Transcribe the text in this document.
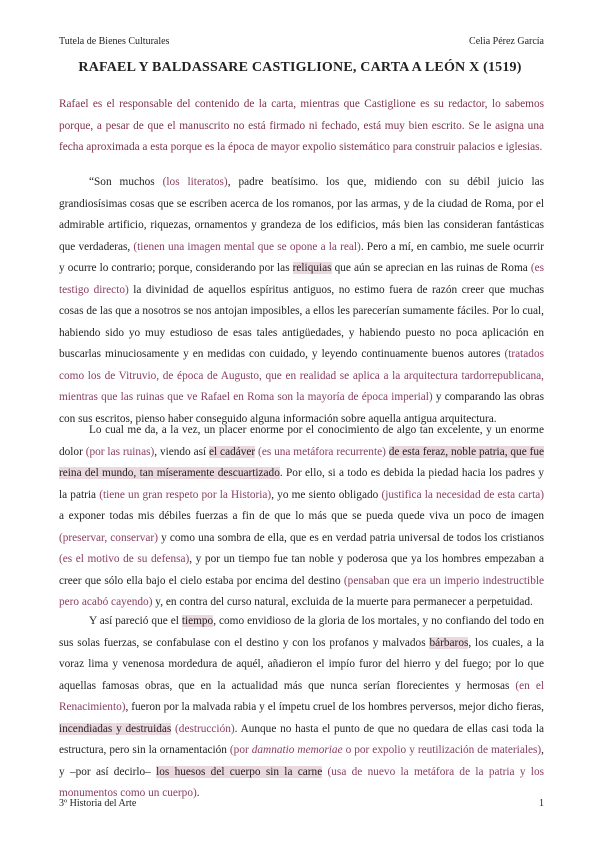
Tutela de Bienes Culturales	Celia Pérez García
RAFAEL Y BALDASSARE CASTIGLIONE, CARTA A LEÓN X (1519)
Rafael es el responsable del contenido de la carta, mientras que Castiglione es su redactor, lo sabemos porque, a pesar de que el manuscrito no está firmado ni fechado, está muy bien escrito. Se le asigna una fecha aproximada a esta porque es la época de mayor expolio sistemático para construir palacios e iglesias.
“Son muchos (los literatos), padre beatísimo. los que, midiendo con su débil juicio las grandiosísimas cosas que se escriben acerca de los romanos, por las armas, y de la ciudad de Roma, por el admirable artificio, riquezas, ornamentos y grandeza de los edificios, más bien las consideran fantásticas que verdaderas, (tienen una imagen mental que se opone a la real). Pero a mí, en cambio, me suele ocurrir y ocurre lo contrario; porque, considerando por las reliquias que aún se aprecian en las ruinas de Roma (es testigo directo) la divinidad de aquellos espíritus antiguos, no estimo fuera de razón creer que muchas cosas de las que a nosotros se nos antojan imposibles, a ellos les parecerían sumamente fáciles. Por lo cual, habiendo sido yo muy estudioso de esas tales antigüedades, y habiendo puesto no poca aplicación en buscarlas minuciosamente y en medidas con cuidado, y leyendo continuamente buenos autores (tratados como los de Vitruvio, de época de Augusto, que en realidad se aplica a la arquitectura tardorrepublicana, mientras que las ruinas que ve Rafael en Roma son la mayoría de época imperial) y comparando las obras con sus escritos, pienso haber conseguido alguna información sobre aquella antigua arquitectura.
Lo cual me da, a la vez, un placer enorme por el conocimiento de algo tan excelente, y un enorme dolor (por las ruinas), viendo así el cadáver (es una metáfora recurrente) de esta feraz, noble patria, que fue reina del mundo, tan míseramente descuartizado. Por ello, si a todo es debida la piedad hacia los padres y la patria (tiene un gran respeto por la Historia), yo me siento obligado (justifica la necesidad de esta carta) a exponer todas mis débiles fuerzas a fin de que lo más que se pueda quede viva un poco de imagen (preservar, conservar) y como una sombra de ella, que es en verdad patria universal de todos los cristianos (es el motivo de su defensa), y por un tiempo fue tan noble y poderosa que ya los hombres empezaban a creer que sólo ella bajo el cielo estaba por encima del destino (pensaban que era un imperio indestructible pero acabó cayendo) y, en contra del curso natural, excluida de la muerte para permanecer a perpetuidad.
Y así pareció que el tiempo, como envidioso de la gloria de los mortales, y no confiando del todo en sus solas fuerzas, se confabulase con el destino y con los profanos y malvados bárbaros, los cuales, a la voraz lima y venenosa mordedura de aquél, añadieron el impío furor del hierro y del fuego; por lo que aquellas famosas obras, que en la actualidad más que nunca serían florecientes y hermosas (en el Renacimiento), fueron por la malvada rabia y el ímpetu cruel de los hombres perversos, mejor dicho fieras, incendiadas y destruidas (destrucción). Aunque no hasta el punto de que no quedara de ellas casi toda la estructura, pero sin la ornamentación (por damnatio memoriae o por expolio y reutilización de materiales), y –por así decirlo– los huesos del cuerpo sin la carne (usa de nuevo la metáfora de la patria y los monumentos como un cuerpo).
3º Historia del Arte	1
